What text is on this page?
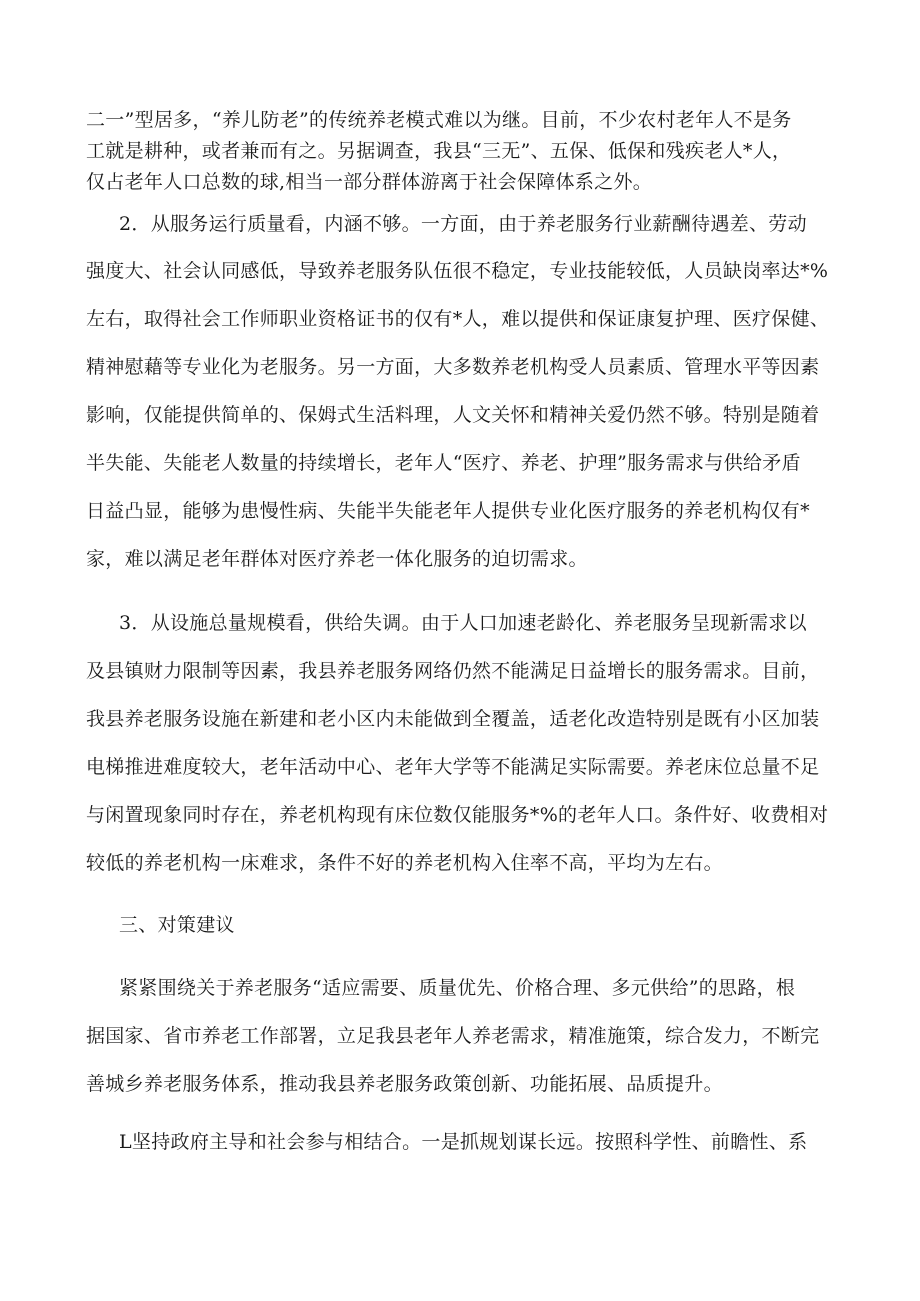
二一”型居多，“养儿防老”的传统养老模式难以为继。目前，不少农村老年人不是务
工就是耕种，或者兼而有之。另据调查，我县“三无”、五保、低保和残疾老人*人，
仅占老年人口总数的球,相当一部分群体游离于社会保障体系之外。
2．从服务运行质量看，内涵不够。一方面，由于养老服务行业薪酬待遇差、劳动
强度大、社会认同感低，导致养老服务队伍很不稳定，专业技能较低，人员缺岗率达*%
左右，取得社会工作师职业资格证书的仅有*人，难以提供和保证康复护理、医疗保健、
精神慰藉等专业化为老服务。另一方面，大多数养老机构受人员素质、管理水平等因素
影响，仅能提供简单的、保姆式生活料理，人文关怀和精神关爱仍然不够。特别是随着
半失能、失能老人数量的持续增长，老年人“医疗、养老、护理”服务需求与供给矛盾
日益凸显，能够为患慢性病、失能半失能老年人提供专业化医疗服务的养老机构仅有*
家，难以满足老年群体对医疗养老一体化服务的迫切需求。
3．从设施总量规模看，供给失调。由于人口加速老龄化、养老服务呈现新需求以
及县镇财力限制等因素，我县养老服务网络仍然不能满足日益增长的服务需求。目前，
我县养老服务设施在新建和老小区内未能做到全覆盖，适老化改造特别是既有小区加装
电梯推进难度较大，老年活动中心、老年大学等不能满足实际需要。养老床位总量不足
与闲置现象同时存在，养老机构现有床位数仅能服务*%的老年人口。条件好、收费相对
较低的养老机构一床难求，条件不好的养老机构入住率不高，平均为左右。
三、对策建议
紧紧围绕关于养老服务“适应需要、质量优先、价格合理、多元供给”的思路，根
据国家、省市养老工作部署，立足我县老年人养老需求，精准施策，综合发力，不断完
善城乡养老服务体系，推动我县养老服务政策创新、功能拓展、品质提升。
L坚持政府主导和社会参与相结合。一是抓规划谋长远。按照科学性、前瞻性、系
